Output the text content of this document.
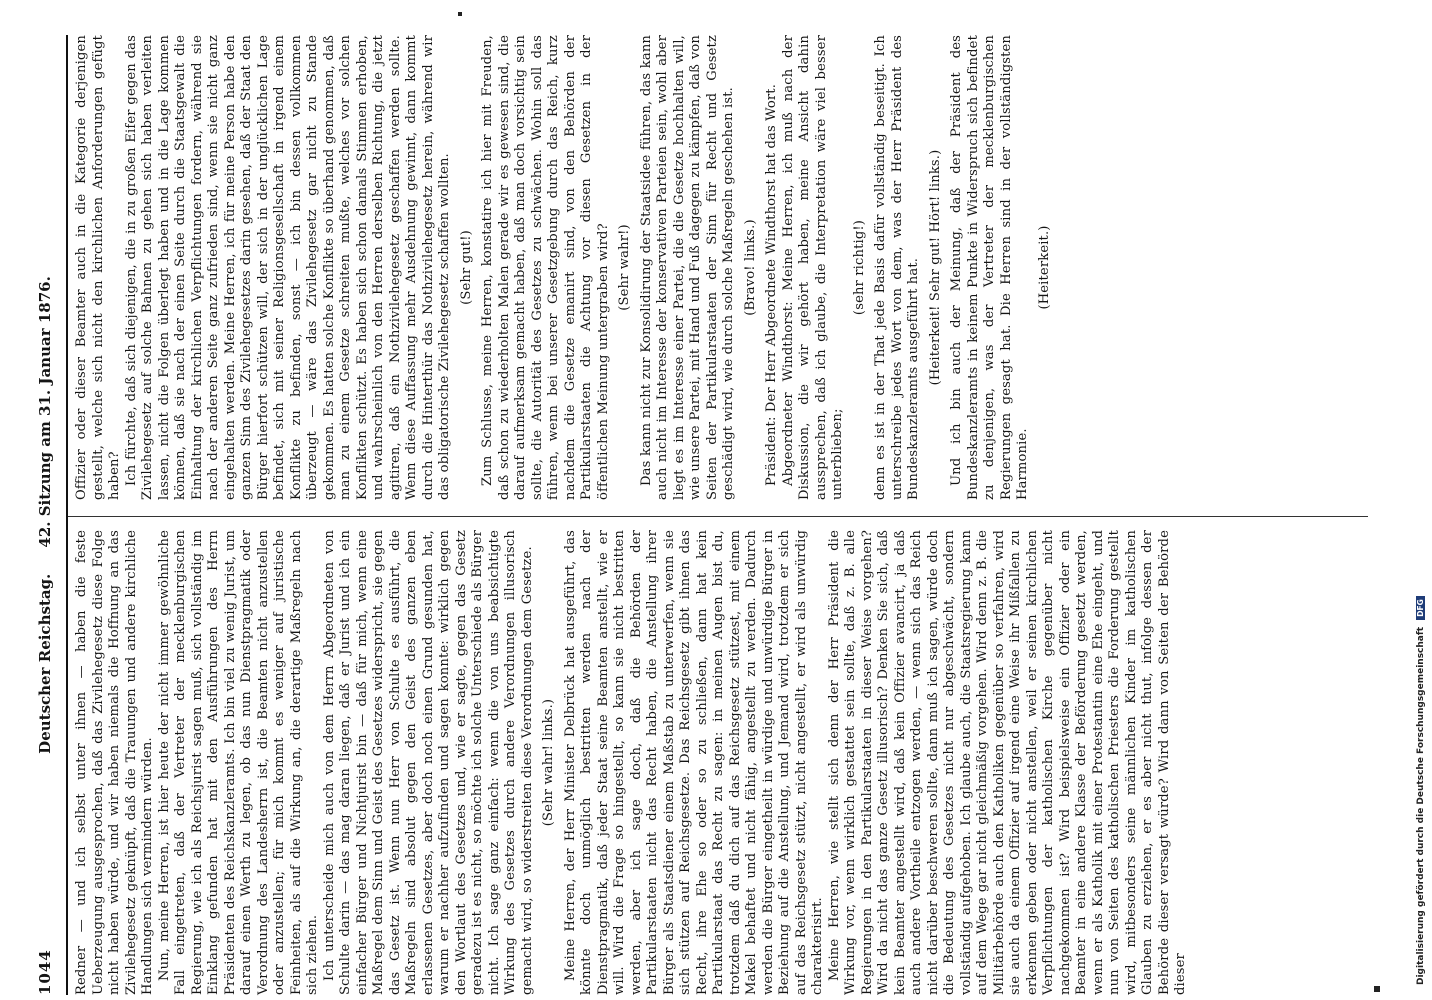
1044
Deutscher Reichstag.     42. Sitzung am 31. Januar 1876.

Redner — und ich selbst unter ihnen — haben die feste Ueberzeugung ausgesprochen, daß das Zivilehegesetz diese Folge nicht haben würde, und wir haben niemals die Hoffnung an das Zivilehegesetz geknüpft, daß die Trauungen und andere kirchliche Handlungen sich vermindern würden. Nun, meine Herren, ist hier heute der nicht immer gewöhnliche Fall eingetreten, daß der Vertreter der mecklenburgischen Regierung, wie ich als Reichsjurist sagen muß, sich vollständig im Einklang gefunden hat mit den Ausführungen des Herrn Präsidenten des Reichskanzleramts. Ich bin viel zu wenig Jurist, um darauf einen Werth zu legen, ob das nun Dienstpragmatik oder Verordnung des Landesherrn ist, die Beamten nicht anzustellen oder anzustellen; für mich kommt es weniger auf juristische Feinheiten, als auf die Wirkung an, die derartige Maßregeln nach sich ziehen. Ich unterscheide mich auch von dem Herrn Abgeordneten von Schulte darin — das mag daran liegen, daß er Jurist und ich ein einfacher Bürger und Nichtjurist bin — daß für mich, wenn eine Maßregel dem Sinn und Geist des Gesetzes widerspricht, sie gegen das Gesetz ist. Wenn nun Herr von Schulte es ausführt, die Maßregeln sind absolut gegen den Geist des ganzen eben erlassenen Gesetzes, aber doch noch einen Grund gesunden hat, warum er nachher aufzufinden und sagen konnte: wirklich gegen den Wortlaut des Gesetzes und, wie er sagte, gegen das Gesetz geradezu ist es nicht, so möchte ich solche Unterschiede als Bürger nicht. Ich sage ganz einfach: wenn die von uns beabsichtigte Wirkung des Gesetzes durch andere Verordnungen illusorisch gemacht wird, so widerstreiten diese Verordnungen dem Gesetze. (Sehr wahr! links.) Meine Herren, der Herr Minister Delbrück hat ausgeführt, das könnte doch unmöglich bestritten werden nach der Dienstpragmatik, daß jeder Staat seine Beamten anstellt, wie er will. Wird die Frage so hingestellt, so kann sie nicht bestritten werden, aber ich sage doch, daß die Behörden der Partikularstaaten nicht das Recht haben, die Anstellung ihrer Bürger als Staatsdiener einem Maßstab zu unterwerfen, wenn sie sich stützen auf Reichsgesetze. Das Reichsgesetz gibt ihnen das Recht, ihre Ehe so oder so zu schließen, dann hat kein Partikularstaat das Recht zu sagen: in meinen Augen bist du, trotzdem daß du dich auf das Reichsgesetz stützest, mit einem Makel behaftet und nicht fähig, angestellt zu werden. Dadurch werden die Bürger eingetheilt in würdige und unwürdige Bürger in Beziehung auf die Anstellung, und Jemand wird, trotzdem er sich auf das Reichsgesetz stützt, nicht angestellt, er wird als unwürdig charakterisirt. Meine Herren, wie stellt sich denn der Herr Präsident die Wirkung vor, wenn wirklich gestattet sein sollte, daß z. B. alle Regierungen in den Partikularstaaten in dieser Weise vorgehen? Wird da nicht das ganze Gesetz illusorisch? Denken Sie sich, daß kein Beamter angestellt wird, daß kein Offizier avancirt, ja daß auch andere Vortheile entzogen werden, — wenn sich das Reich nicht darüber beschweren sollte, dann muß ich sagen, würde doch die Bedeutung des Gesetzes nicht nur abgeschwächt, sondern vollständig aufgehoben. Ich glaube auch, die Staatsregierung kann auf dem Wege gar nicht gleichmäßig vorgehen. Wird denn z. B. die Militärbehörde auch den Katholiken gegenüber so verfahren, wird sie auch da einem Offizier auf irgend eine Weise ihr Mißfallen zu erkennen geben oder nicht anstellen, weil er seinen kirchlichen Verpflichtungen der katholischen Kirche gegenüber nicht nachgekommen ist? Wird beispielsweise ein Offizier oder ein Beamter in eine andere Klasse der Beförderung gesetzt werden, wenn er als Katholik mit einer Protestantin eine Ehe eingeht, und nun von Seiten des katholischen Priesters die Forderung gestellt wird, mitbesonders seine männlichen Kinder im katholischen Glauben zu erziehen, er es aber nicht thut, infolge dessen der Behörde dieser versagt würde? Wird dann von Seiten der Behörde dieser

Offizier oder dieser Beamter auch in die Kategorie derjenigen gestellt, welche sich nicht den kirchlichen Anforderungen gefügt haben? Ich fürchte, daß sich diejenigen, die in zu großen Eifer gegen das Zivilehegesetz auf solche Bahnen zu gehen sich haben verleiten lassen, nicht die Folgen überlegt haben und in die Lage kommen können, daß sie nach der einen Seite durch die Staatsgewalt die Einhaltung der kirchlichen Verpflichtungen fordern, während sie nach der anderen Seite ganz zufrieden sind, wenn sie nicht ganz eingehalten werden. Meine Herren, ich für meine Person habe den ganzen Sinn des Zivilehegesetzes darin gesehen, daß der Staat den Bürger hierfort schützen will, der sich in der unglücklichen Lage befindet, sich mit seiner Religionsgesellschaft in irgend einem Konflikte zu befinden, sonst — ich bin dessen vollkommen überzeugt — wäre das Zivilehegesetz gar nicht zu Stande gekommen. Es hatten solche Konflikte so überhand genommen, daß man zu einem Gesetze schreiten mußte, welches vor solchen Konflikten schützt. Es haben sich schon damals Stimmen erhoben, und wahrscheinlich von den Herren derselben Richtung, die jetzt agitiren, daß ein Nothzivilehegesetz geschaffen werden sollte. Wenn diese Auffassung mehr Ausdehnung gewinnt, dann kommt durch die Hinterthür das Nothzivilehegesetz herein, während wir das obligatorische Zivilehegesetz schaffen wollten. (Sehr gut!) Zum Schlusse, meine Herren, konstatire ich hier mit Freuden, daß schon zu wiederholten Malen gerade wir es gewesen sind, die darauf aufmerksam gemacht haben, daß man doch vorsichtig sein sollte, die Autorität des Gesetzes zu schwächen. Wohin soll das führen, wenn bei unserer Gesetzgebung durch das Reich, kurz nachdem die Gesetze emanirt sind, von den Behörden der Partikularstaaten die Achtung vor diesen Gesetzen in der öffentlichen Meinung untergraben wird? (Sehr wahr!) Das kann nicht zur Konsolidirung der Staatsidee führen, das kann auch nicht im Interesse der konservativen Parteien sein, wohl aber liegt es im Interesse einer Partei, die die Gesetze hochhalten will, wie unsere Partei, mit Hand und Fuß dagegen zu kämpfen, daß von Seiten der Partikularstaaten der Sinn für Recht und Gesetz geschädigt wird, wie durch solche Maßregeln geschehen ist. (Bravo! links.) Präsident: Der Herr Abgeordnete Windthorst hat das Wort. Abgeordneter Windthorst: Meine Herren, ich muß nach der Diskussion, die wir gehört haben, meine Ansicht dahin aussprechen, daß ich glaube, die Interpretation wäre viel besser unterblieben;

(sehr richtig!) denn es ist in der That jede Basis dafür vollständig beseitigt. Ich unterschreibe jedes Wort von dem, was der Herr Präsident des Bundeskanzleramts ausgeführt hat. (Heiterkeit! Sehr gut! Hört! links.) Und ich bin auch der Meinung, daß der Präsident des Bundeskanzleramts in keinem Punkte in Widerspruch sich befindet zu denjenigen, was der Vertreter der mecklenburgischen Regierungen gesagt hat. Die Herren sind in der vollständigsten Harmonie.

(Heiterkeit.)

Digitalisierung gefördert durch die Deutsche Forschungsgemeinschaft DFG
